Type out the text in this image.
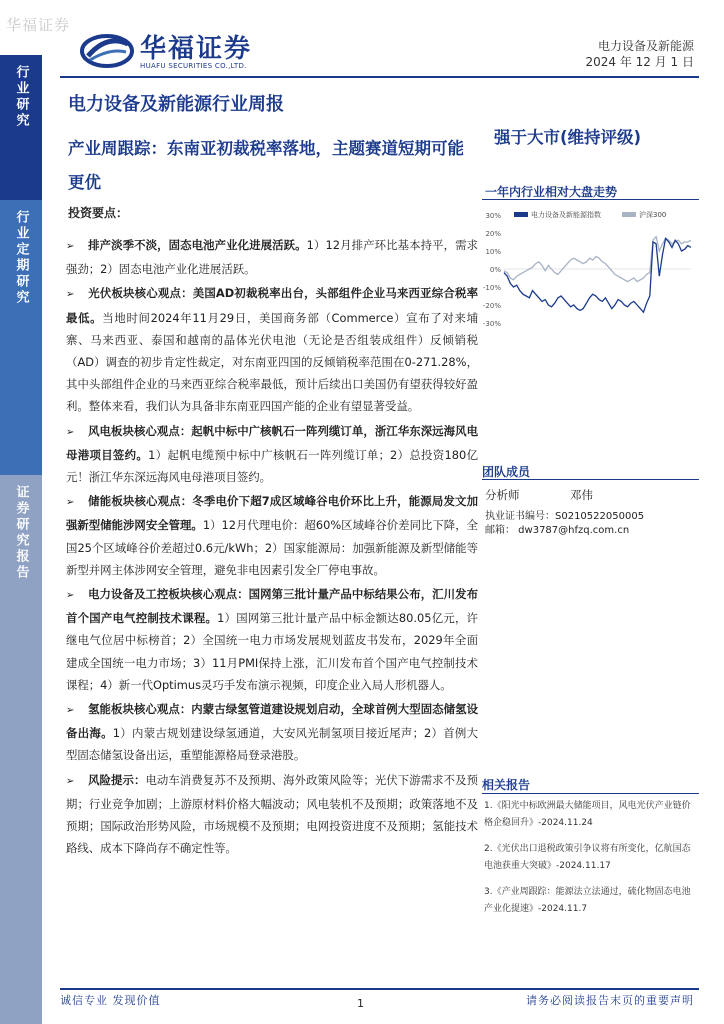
华福证券
华福证券
HUAFU SECURITIES CO.,LTD.
电力设备及新能源
2024 年 12 月 1 日
行业研究
行业定期研究
证券研究报告
电力设备及新能源行业周报
产业周跟踪：东南亚初裁税率落地，主题赛道短期可能更优
强于大市(维持评级)
一年内行业相对大盘走势
30%
20%
10%
0%
-10%
-20%
-30%
2023-11	2024-01	2024-03	2024-05	2024-07	2024-09	2024-11
电力设备及新能源指数	沪深300
投资要点：
➢ 排产淡季不淡，固态电池产业化进展活跃。1）12月排产环比基本持平，需求强劲；2）固态电池产业化进展活跃。
➢ 光伏板块核心观点：美国AD初裁税率出台，头部组件企业马来西亚综合税率最低。当地时间2024年11月29日，美国商务部（Commerce）宣布了对来埔寨、马来西亚、泰国和越南的晶体光伏电池（无论是否组装成组件）反倾销税（AD）调查的初步肯定性裁定，对东南亚四国的反倾销税率范围在0-271.28%，其中头部组件企业的马来西亚综合税率最低，预计后续出口美国仍有望获得较好盈利。整体来看，我们认为具备非东南亚四国产能的企业有望显著受益。
➢ 风电板块核心观点：起帆中标中广核帆石一阵列缆订单，浙江华东深远海风电母港项目签约。1）起帆电缆预中标中广核帆石一阵列缆订单；2）总投资180亿元！浙江华东深远海风电母港项目签约。
➢ 储能板块核心观点：冬季电价下超7成区域峰谷电价环比上升，能源局发文加强新型储能涉网安全管理。1）12月代理电价：超60%区域峰谷价差同比下降，全国25个区域峰谷价差超过0.6元/kWh；2）国家能源局：加强新能源及新型储能等新型并网主体涉网安全管理，避免非电因素引发全厂停电事故。
➢ 电力设备及工控板块核心观点：国网第三批计量产品中标结果公布，汇川发布首个国产电气控制技术课程。1）国网第三批计量产品中标金额达80.05亿元，许继电气位居中标榜首；2）全国统一电力市场发展规划蓝皮书发布，2029年全面建成全国统一电力市场；3）11月PMI保持上涨，汇川发布首个国产电气控制技术课程；4）新一代Optimus灵巧手发布演示视频，印度企业入局人形机器人。
➢ 氢能板块核心观点：内蒙古绿氢管道建设规划启动，全球首例大型固态储氢设备出海。1）内蒙古规划建设绿氢通道，大安风光制氢项目接近尾声；2）首例大型固态储氢设备出运，重塑能源格局登录港股。
➢ 风险提示：电动车消费复苏不及预期、海外政策风险等；光伏下游需求不及预期；行业竞争加剧；上游原材料价格大幅波动；风电装机不及预期；政策落地不及预期；国际政治形势风险，市场规模不及预期；电网投资进度不及预期；氢能技术路线、成本下降尚存不确定性等。
团队成员
分析师	邓伟
执业证书编号：S0210522050005
邮箱： dw3787@hfzq.com.cn
相关报告
1.《阳光中标欧洲最大储能项目，风电光伏产业链价格企稳回升》-2024.11.24
2.《光伏出口退税政策引争议将有所变化，亿航国态电池获重大突破》-2024.11.17
3.《产业周跟踪：能源法立法通过，硫化物固态电池产业化提速》-2024.11.7
诚信专业 发现价值	1	请务必阅读报告末页的重要声明
